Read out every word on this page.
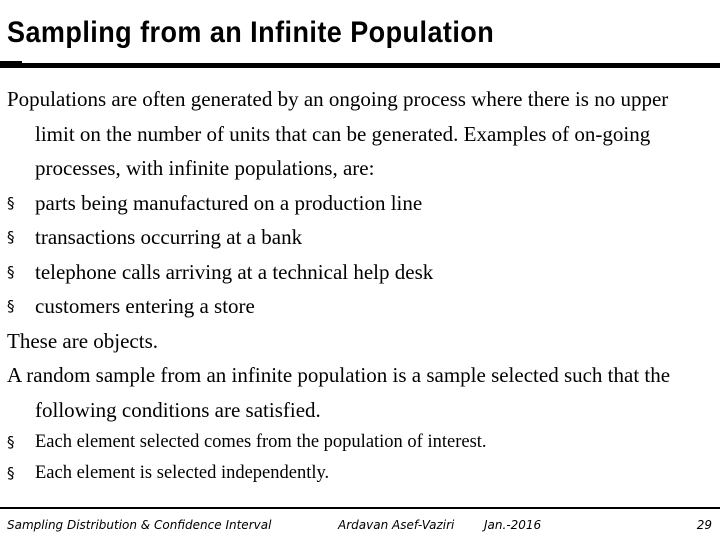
Sampling from an Infinite Population

Populations are often generated by an ongoing process where there is no upper limit on the number of units that can be generated. Examples of on-going processes, with infinite populations, are:

§ parts being manufactured on a production line

§ transactions occurring at a bank

§ telephone calls arriving at a technical help desk

§ customers entering a store

These are objects.

A random sample from an infinite population is a sample selected such that the following conditions are satisfied.

§ Each element selected comes from the population of interest.

§ Each element is selected independently.

Sampling Distribution & Confidence Interval	Ardavan Asef-Vaziri Jan.-2016	29
